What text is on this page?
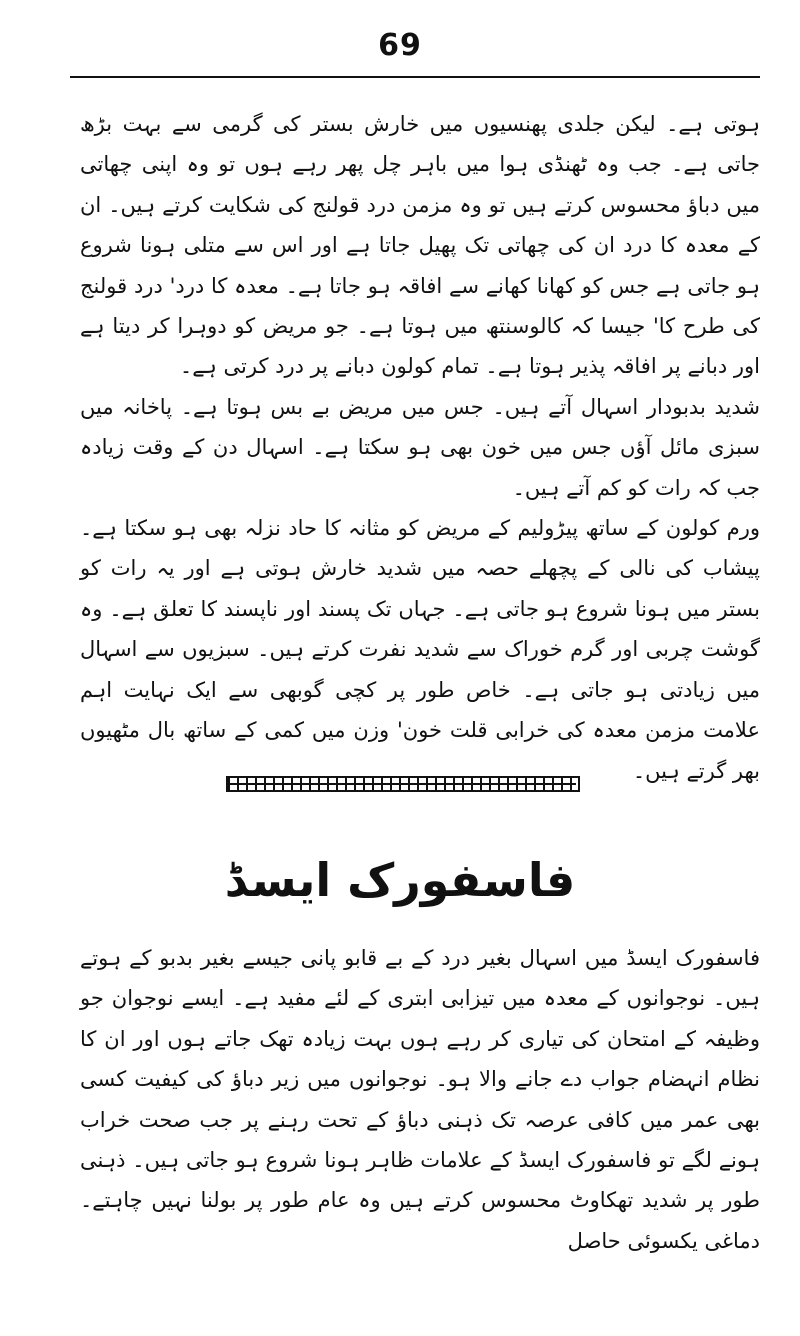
69

ہوتی ہے۔ لیکن جلدی پھنسیوں میں خارش بستر کی گرمی سے بہت بڑھ جاتی ہے۔ جب وہ ٹھنڈی ہوا میں باہر چل پھر رہے ہوں تو وہ اپنی چھاتی میں دباؤ محسوس کرتے ہیں تو وہ مزمن درد قولنج کی شکایت کرتے ہیں۔ ان کے معدہ کا درد ان کی چھاتی تک پھیل جاتا ہے اور اس سے متلی ہونا شروع ہو جاتی ہے جس کو کھانا کھانے سے افاقہ ہو جاتا ہے۔ معدہ کا درد' درد قولنج کی طرح کا' جیسا کہ کالوسنتھ میں ہوتا ہے۔ جو مریض کو دوہرا کر دیتا ہے اور دبانے پر افاقہ پذیر ہوتا ہے۔ تمام کولون دبانے پر درد کرتی ہے۔

شدید بدبودار اسہال آتے ہیں۔ جس میں مریض بے بس ہوتا ہے۔ پاخانہ میں سبزی مائل آؤں جس میں خون بھی ہو سکتا ہے۔ اسہال دن کے وقت زیادہ جب کہ رات کو کم آتے ہیں۔

ورم کولون کے ساتھ پیڑولیم کے مریض کو مثانہ کا حاد نزلہ بھی ہو سکتا ہے۔ پیشاب کی نالی کے پچھلے حصہ میں شدید خارش ہوتی ہے اور یہ رات کو بستر میں ہونا شروع ہو جاتی ہے۔ جہاں تک پسند اور ناپسند کا تعلق ہے۔ وہ گوشت چربی اور گرم خوراک سے شدید نفرت کرتے ہیں۔ سبزیوں سے اسہال میں زیادتی ہو جاتی ہے۔ خاص طور پر کچی گوبھی سے ایک نہایت اہم علامت مزمن معدہ کی خرابی قلت خون' وزن میں کمی کے ساتھ بال مٹھیوں بھر گرتے ہیں۔

فاسفورک ایسڈ

فاسفورک ایسڈ میں اسہال بغیر درد کے بے قابو پانی جیسے بغیر بدبو کے ہوتے ہیں۔ نوجوانوں کے معدہ میں تیزابی ابتری کے لئے مفید ہے۔ ایسے نوجوان جو وظیفہ کے امتحان کی تیاری کر رہے ہوں بہت زیادہ تھک جاتے ہوں اور ان کا نظام انہضام جواب دے جانے والا ہو۔ نوجوانوں میں زیر دباؤ کی کیفیت کسی بھی عمر میں کافی عرصہ تک ذہنی دباؤ کے تحت رہنے پر جب صحت خراب ہونے لگے تو فاسفورک ایسڈ کے علامات ظاہر ہونا شروع ہو جاتی ہیں۔ ذہنی طور پر شدید تھکاوٹ محسوس کرتے ہیں وہ عام طور پر بولنا نہیں چاہتے۔ دماغی یکسوئی حاصل
